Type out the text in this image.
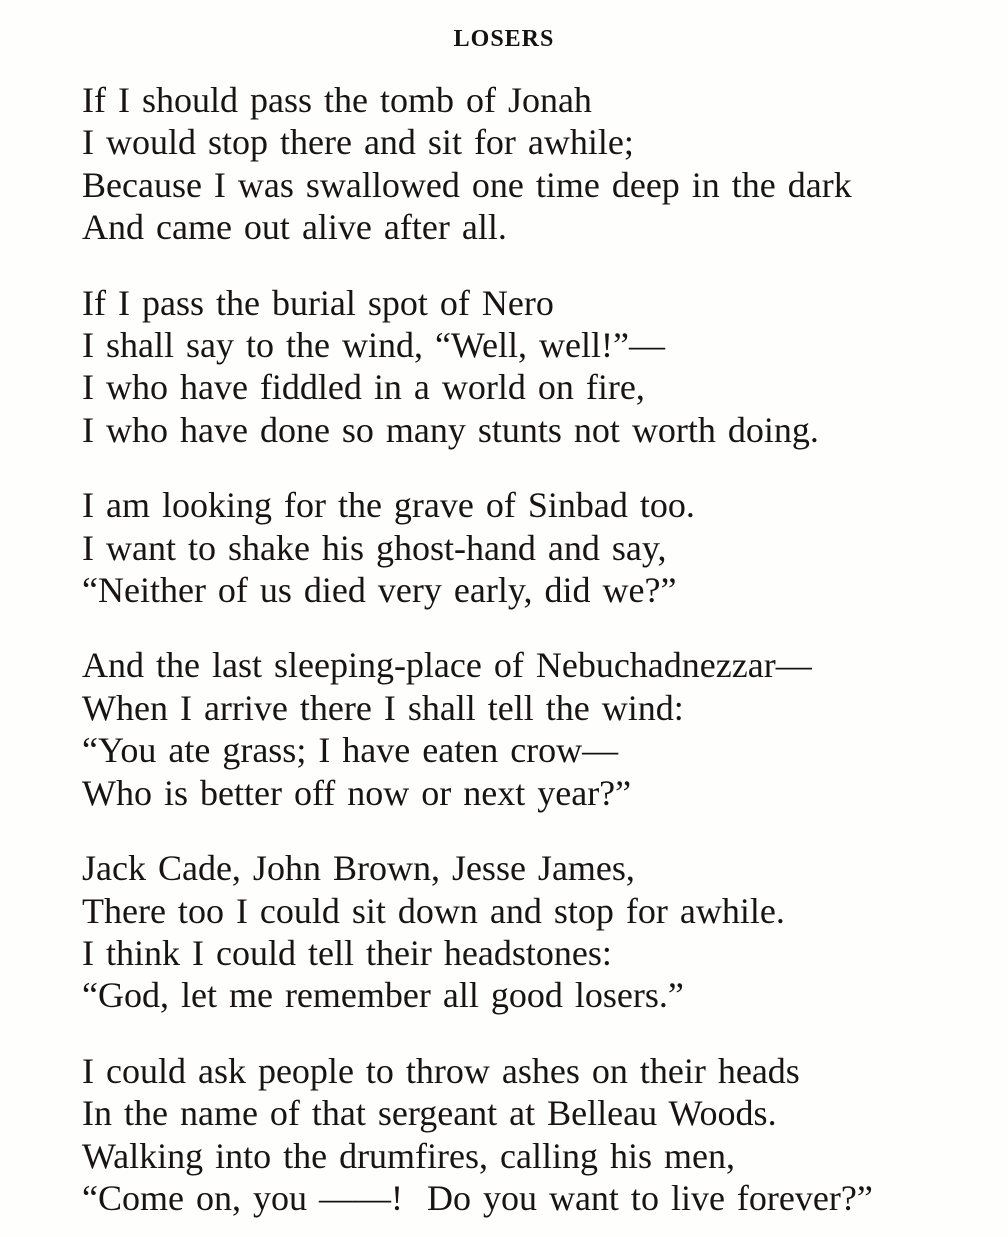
LOSERS
If I should pass the tomb of Jonah
I would stop there and sit for awhile;
Because I was swallowed one time deep in the dark
And came out alive after all.
If I pass the burial spot of Nero
I shall say to the wind, “Well, well!”—
I who have fiddled in a world on fire,
I who have done so many stunts not worth doing.
I am looking for the grave of Sinbad too.
I want to shake his ghost-hand and say,
“Neither of us died very early, did we?”
And the last sleeping-place of Nebuchadnezzar—
When I arrive there I shall tell the wind:
“You ate grass; I have eaten crow—
Who is better off now or next year?”
Jack Cade, John Brown, Jesse James,
There too I could sit down and stop for awhile.
I think I could tell their headstones:
“God, let me remember all good losers.”
I could ask people to throw ashes on their heads
In the name of that sergeant at Belleau Woods.
Walking into the drumfires, calling his men,
“Come on, you ——!  Do you want to live forever?”
